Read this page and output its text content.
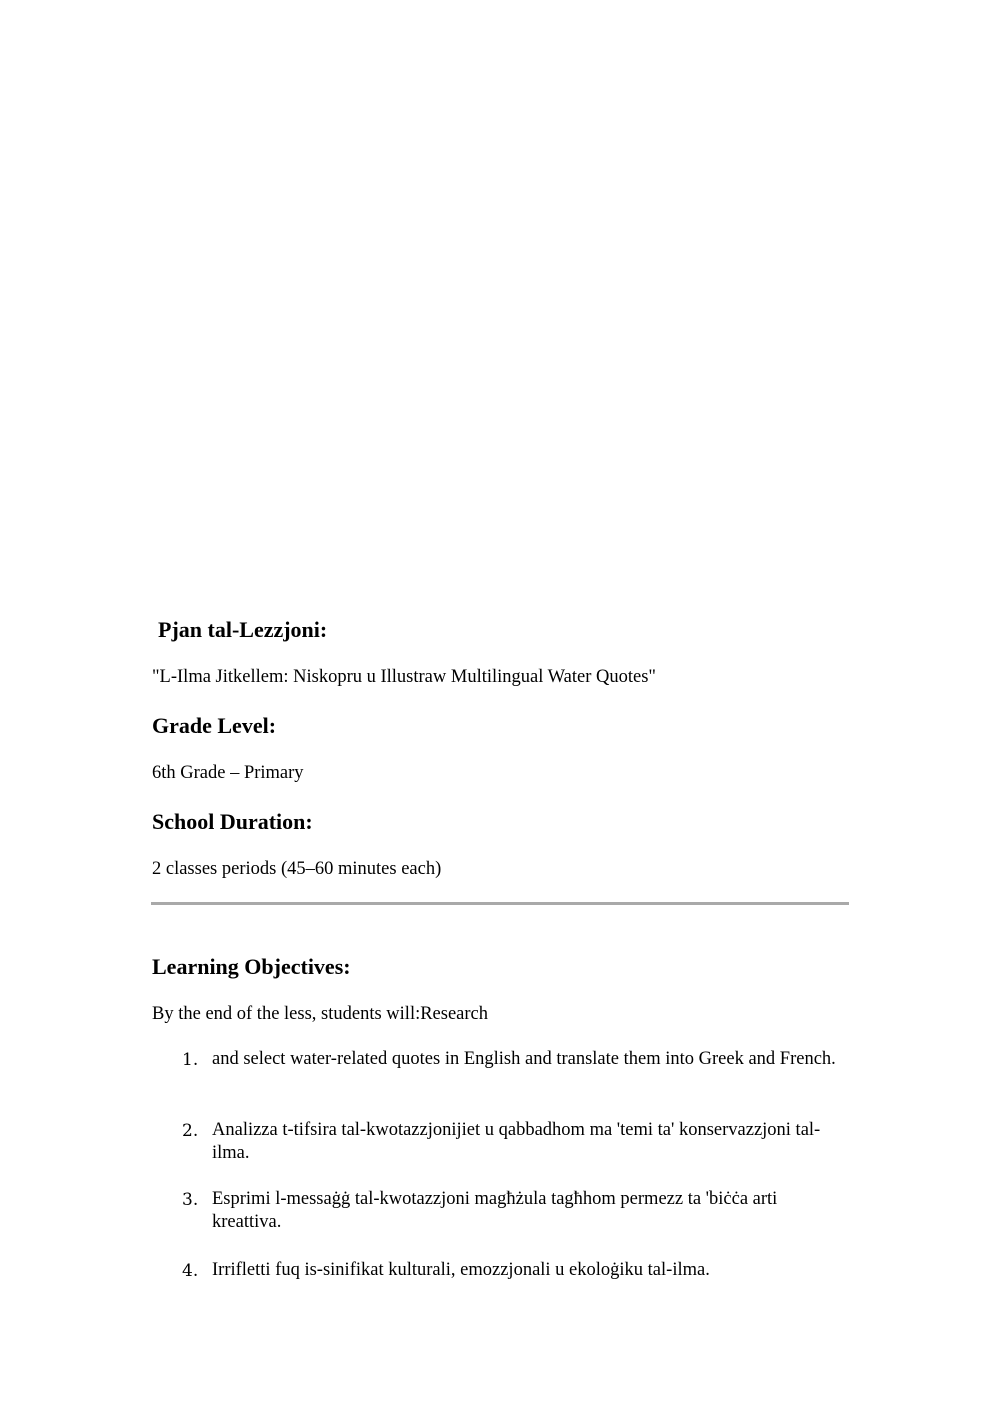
Pjan tal-Lezzjoni:

"L-Ilma Jitkellem: Niskopru u Illustraw Multilingual Water Quotes"

Grade Level:

6th Grade – Primary

School Duration:

2 classes periods (45–60 minutes each)

Learning Objectives:

By the end of the less, students will:Research

1. and select water-related quotes in English and translate them into Greek and French.
2. Analizza t-tifsira tal-kwotazzjonijiet u qabbadhom ma 'temi ta' konservazzjoni tal-ilma.
3. Esprimi l-messaġġ tal-kwotazzjoni magħżula tagħhom permezz ta 'biċċa arti kreattiva.
4. Irrifletti fuq is-sinifikat kulturali, emozzjonali u ekoloġiku tal-ilma.
